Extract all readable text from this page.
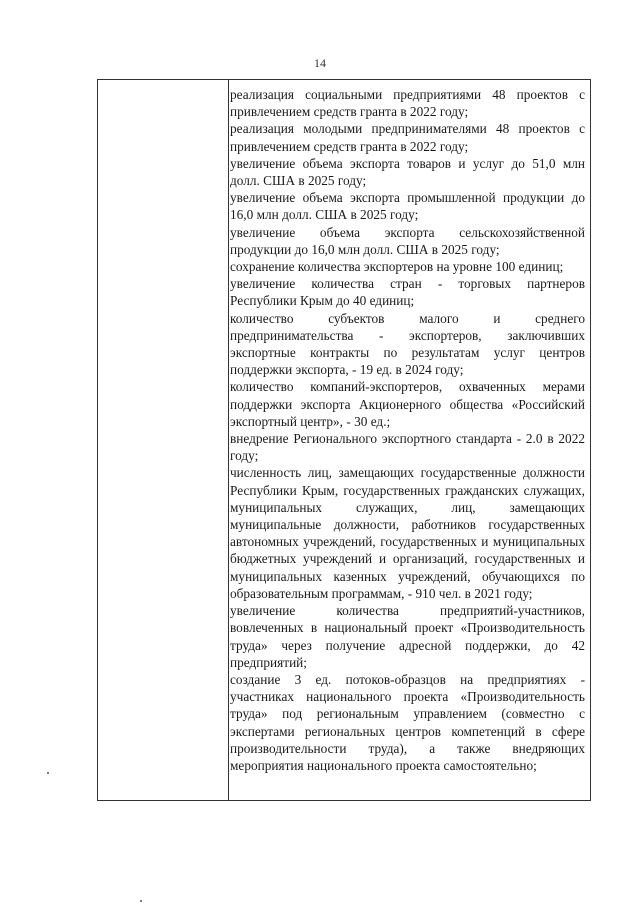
14

реализация социальными предприятиями 48 проектов с привлечением средств гранта в 2022 году;

реализация молодыми предпринимателями 48 проектов с привлечением средств гранта в 2022 году;

увеличение объема экспорта товаров и услуг до 51,0 млн долл. США в 2025 году;

увеличение объема экспорта промышленной продукции до 16,0 млн долл. США в 2025 году;

увеличение объема экспорта сельскохозяйственной продукции до 16,0 млн долл. США в 2025 году;

сохранение количества экспортеров на уровне 100 единиц;

увеличение количества стран - торговых партнеров Республики Крым до 40 единиц;

количество субъектов малого и среднего предпринимательства - экспортеров, заключивших экспортные контракты по результатам услуг центров поддержки экспорта, - 19 ед. в 2024 году;

количество компаний-экспортеров, охваченных мерами поддержки экспорта Акционерного общества «Российский экспортный центр», - 30 ед.;

внедрение Регионального экспортного стандарта - 2.0 в 2022 году;

численность лиц, замещающих государственные должности Республики Крым, государственных гражданских служащих, муниципальных служащих, лиц, замещающих муниципальные должности, работников государственных автономных учреждений, государственных и муниципальных бюджетных учреждений и организаций, государственных и муниципальных казенных учреждений, обучающихся по образовательным программам, - 910 чел. в 2021 году;

увеличение количества предприятий-участников, вовлеченных в национальный проект «Производительность труда» через получение адресной поддержки, до 42 предприятий;

создание 3 ед. потоков-образцов на предприятиях - участниках национального проекта «Производительность труда» под региональным управлением (совместно с экспертами региональных центров компетенций в сфере производительности труда), а также внедряющих мероприятия национального проекта самостоятельно;
